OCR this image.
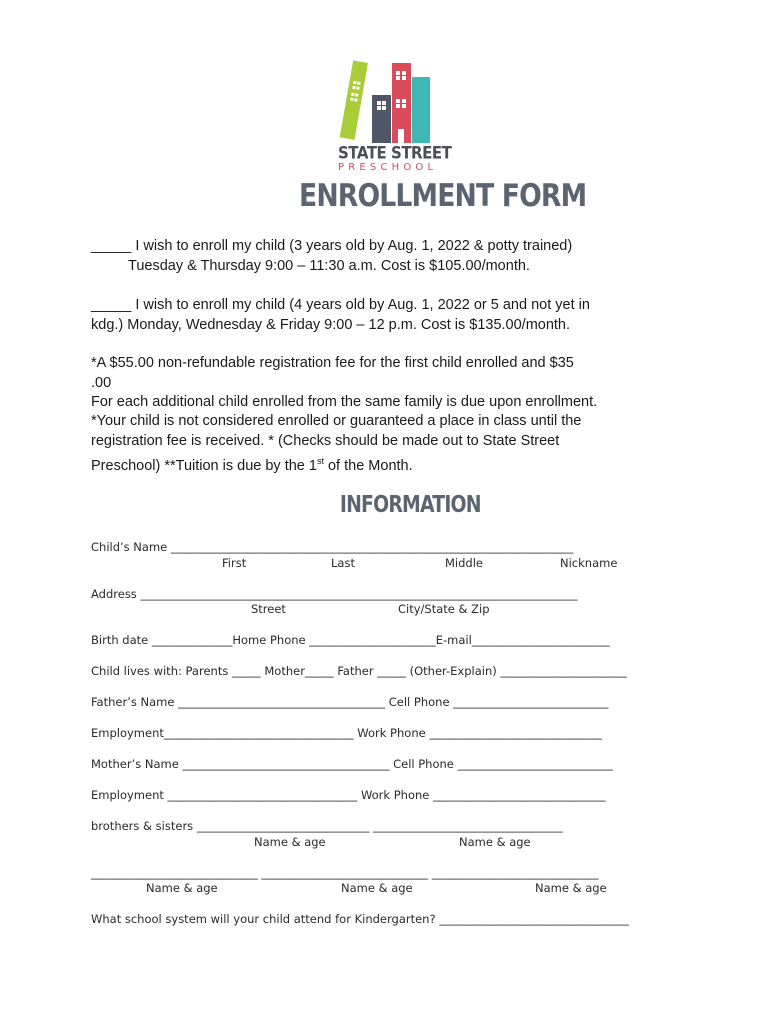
STATE STREET
PRESCHOOL
ENROLLMENT FORM
_____ I wish to enroll my child (3 years old by Aug. 1, 2022 & potty trained)
Tuesday & Thursday 9:00 – 11:30 a.m. Cost is $105.00/month.
_____ I wish to enroll my child (4 years old by Aug. 1, 2022 or 5 and not yet in
kdg.) Monday, Wednesday & Friday 9:00 – 12 p.m. Cost is $135.00/month.
*A $55.00 non-refundable registration fee for the first child enrolled and $35
.00
For each additional child enrolled from the same family is due upon enrollment.
*Your child is not considered enrolled or guaranteed a place in class until the
registration fee is received. * (Checks should be made out to State Street
Preschool) **Tuition is due by the 1st of the Month.
INFORMATION
Child’s Name ______________________________________________________________________
First	Last	Middle	Nickname
Address ____________________________________________________________________________
Street	City/State & Zip
Birth date ______________Home Phone ______________________E-mail________________________
Child lives with: Parents _____ Mother_____ Father _____ (Other-Explain) ______________________
Father’s Name ____________________________________ Cell Phone ___________________________
Employment_________________________________ Work Phone ______________________________
Mother’s Name ____________________________________ Cell Phone ___________________________
Employment _________________________________ Work Phone ______________________________
brothers & sisters ______________________________ _________________________________
Name & age	Name & age
_____________________________ _____________________________ _____________________________
Name & age	Name & age	Name & age
What school system will your child attend for Kindergarten? _________________________________
